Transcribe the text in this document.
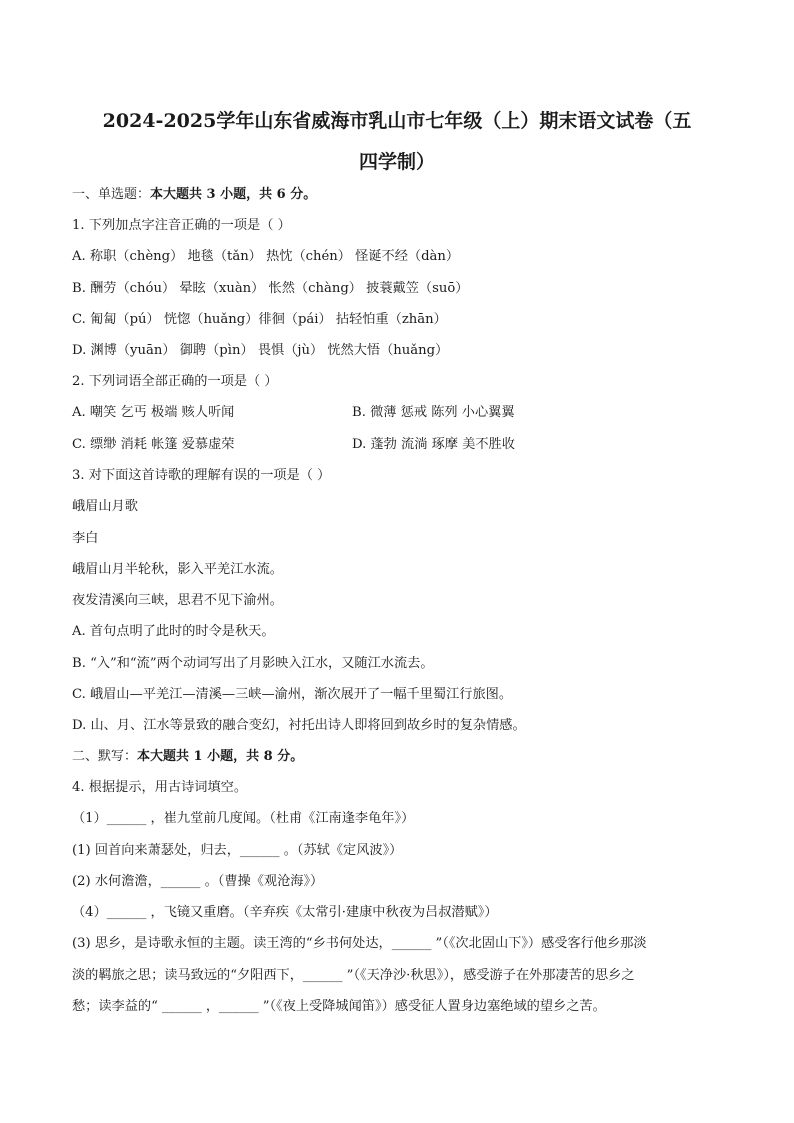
2024-2025学年山东省威海市乳山市七年级（上）期末语文试卷（五
四学制）
一、单选题：本大题共 3 小题，共 6 分。
1. 下列加点字注音正确的一项是（ ）
A. 称职（chèng） 地毯（tǎn） 热忱（chén） 怪诞不经（dàn）
B. 酬劳（chóu） 晕眩（xuàn） 怅然（chàng） 披蓑戴笠（suō）
C. 匍匐（pú） 恍惚（huǎng）徘徊（pái） 拈轻怕重（zhān）
D. 渊博（yuān） 御聘（pìn） 畏惧（jù） 恍然大悟（huǎng）
2. 下列词语全部正确的一项是（ ）
A. 嘲笑 乞丐 极端 赅人听闻	B. 微薄 惩戒 陈列 小心翼翼
C. 缥缈 消耗 帐篷 爱慕虚荣	D. 蓬勃 流淌 琢摩 美不胜收
3. 对下面这首诗歌的理解有误的一项是（ ）
峨眉山月歌
李白
峨眉山月半轮秋，影入平羌江水流。
夜发清溪向三峡，思君不见下渝州。
A. 首句点明了此时的时令是秋天。
B. “入”和“流”两个动词写出了月影映入江水，又随江水流去。
C. 峨眉山—平羌江—清溪—三峡—渝州，渐次展开了一幅千里蜀江行旅图。
D. 山、月、江水等景致的融合变幻，衬托出诗人即将回到故乡时的复杂情感。
二、默写：本大题共 1 小题，共 8 分。
4. 根据提示，用古诗词填空。
（1）______ ，崔九堂前几度闻。（杜甫《江南逢李龟年》）
(1) 回首向来萧瑟处，归去，______ 。（苏轼《定风波》）
(2) 水何澹澹，______ 。（曹操《观沧海》）
（4）______ ，飞镜又重磨。（辛弃疾《太常引·建康中秋夜为吕叔潜赋》）
(3) 思乡，是诗歌永恒的主题。读王湾的“乡书何处达，______ ”（《次北固山下》）感受客行他乡那淡
淡的羁旅之思；读马致远的“夕阳西下，______ ”（《天净沙·秋思》），感受游子在外那凄苦的思乡之
愁；读李益的“ ______ ，______ ”（《夜上受降城闻笛》）感受征人置身边塞绝域的望乡之苦。
